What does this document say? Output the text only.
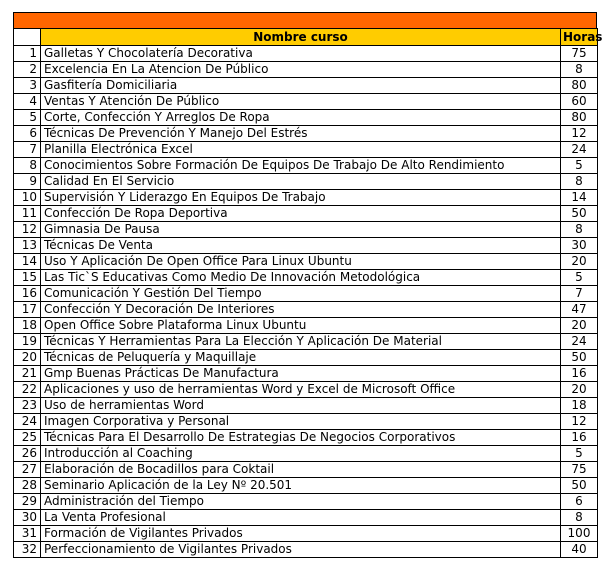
	Nombre curso	Horas
1	Galletas Y Chocolatería Decorativa	75
2	Excelencia En La Atencion De Público	8
3	Gasfitería Domiciliaria	80
4	Ventas Y Atención De Público	60
5	Corte, Confección Y Arreglos De Ropa	80
6	Técnicas De Prevención Y Manejo Del Estrés	12
7	Planilla Electrónica Excel	24
8	Conocimientos Sobre Formación De Equipos De Trabajo De Alto Rendimiento	5
9	Calidad En El Servicio	8
10	Supervisión Y Liderazgo En Equipos De Trabajo	14
11	Confección De Ropa Deportiva	50
12	Gimnasia De Pausa	8
13	Técnicas De Venta	30
14	Uso Y Aplicación De Open Office Para Linux Ubuntu	20
15	Las Tic`S Educativas Como Medio De Innovación Metodológica	5
16	Comunicación Y Gestión Del Tiempo	7
17	Confección Y Decoración De Interiores	47
18	Open Office Sobre Plataforma Linux Ubuntu	20
19	Técnicas Y Herramientas Para La Elección Y Aplicación De Material	24
20	Técnicas de Peluquería y Maquillaje	50
21	Gmp Buenas Prácticas De Manufactura	16
22	Aplicaciones y uso de herramientas Word y Excel de Microsoft Office	20
23	Uso de herramientas Word	18
24	Imagen Corporativa y Personal	12
25	Técnicas Para El Desarrollo De Estrategias De Negocios Corporativos	16
26	Introducción al Coaching	5
27	Elaboración de Bocadillos para Coktail	75
28	Seminario Aplicación de la Ley Nº 20.501	50
29	Administración del Tiempo	6
30	La Venta Profesional	8
31	Formación de Vigilantes Privados	100
32	Perfeccionamiento de Vigilantes Privados	40
